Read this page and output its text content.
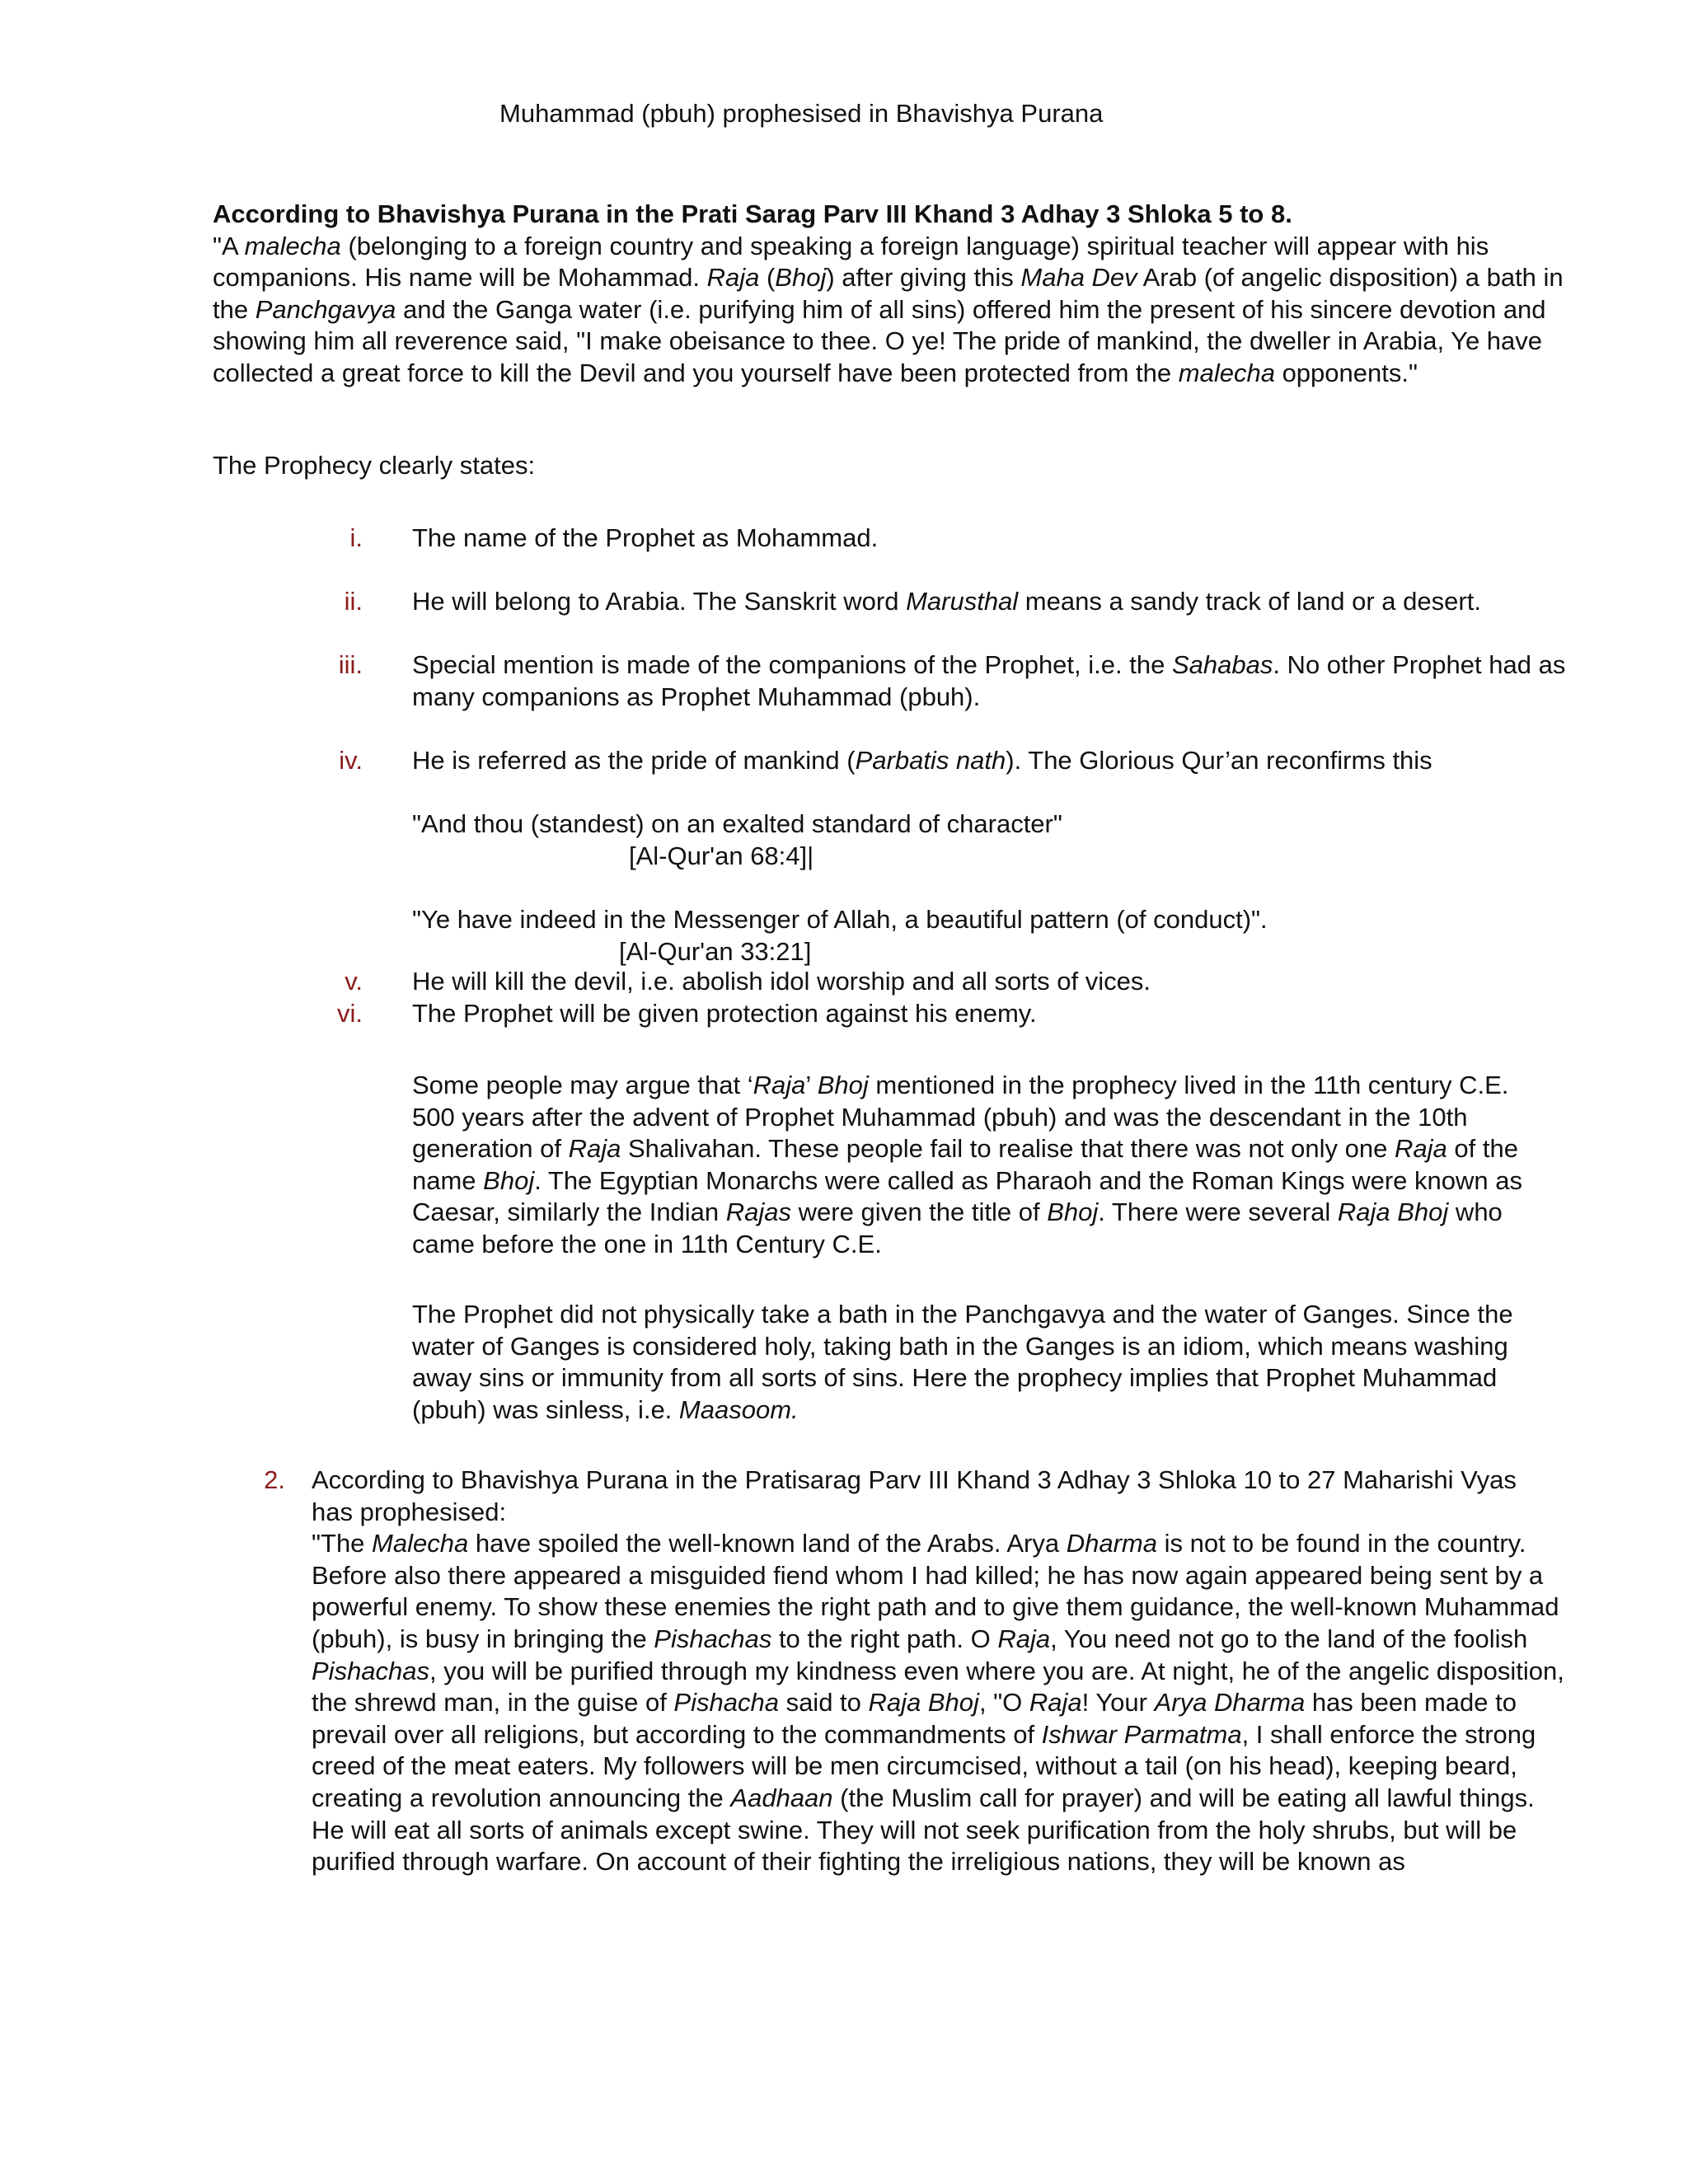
Muhammad (pbuh) prophesised in Bhavishya Purana

According to Bhavishya Purana in the Prati Sarag Parv III Khand 3 Adhay 3 Shloka 5 to 8.

"A malecha (belonging to a foreign country and speaking a foreign language) spiritual teacher will appear with his companions. His name will be Mohammad. Raja (Bhoj) after giving this Maha Dev Arab (of angelic disposition) a bath in the Panchgavya and the Ganga water (i.e. purifying him of all sins) offered him the present of his sincere devotion and showing him all reverence said, "I make obeisance to thee. O ye! The pride of mankind, the dweller in Arabia, Ye have collected a great force to kill the Devil and you yourself have been protected from the malecha opponents."

The Prophecy clearly states:
i. The name of the Prophet as Mohammad.
ii. He will belong to Arabia. The Sanskrit word Marusthal means a sandy track of land or a desert.
iii. Special mention is made of the companions of the Prophet, i.e. the Sahabas. No other Prophet had as many companions as Prophet Muhammad (pbuh).
iv. He is referred as the pride of mankind (Parbatis nath). The Glorious Qur’an reconfirms this
"And thou (standest) on an exalted standard of character"
[Al-Qur'an 68:4]|
"Ye have indeed in the Messenger of Allah, a beautiful pattern (of conduct)".
[Al-Qur'an 33:21]
v. He will kill the devil, i.e. abolish idol worship and all sorts of vices.
vi. The Prophet will be given protection against his enemy.
Some people may argue that ‘Raja’ Bhoj mentioned in the prophecy lived in the 11th century C.E. 500 years after the advent of Prophet Muhammad (pbuh) and was the descendant in the 10th generation of Raja Shalivahan. These people fail to realise that there was not only one Raja of the name Bhoj. The Egyptian Monarchs were called as Pharaoh and the Roman Kings were known as Caesar, similarly the Indian Rajas were given the title of Bhoj. There were several Raja Bhoj who came before the one in 11th Century C.E.
The Prophet did not physically take a bath in the Panchgavya and the water of Ganges. Since the water of Ganges is considered holy, taking bath in the Ganges is an idiom, which means washing away sins or immunity from all sorts of sins. Here the prophecy implies that Prophet Muhammad (pbuh) was sinless, i.e. Maasoom.
2. According to Bhavishya Purana in the Pratisarag Parv III Khand 3 Adhay 3 Shloka 10 to 27 Maharishi Vyas has prophesised:

"The Malecha have spoiled the well-known land of the Arabs. Arya Dharma is not to be found in the country. Before also there appeared a misguided fiend whom I had killed; he has now again appeared being sent by a powerful enemy. To show these enemies the right path and to give them guidance, the well-known Muhammad (pbuh), is busy in bringing the Pishachas to the right path. O Raja, You need not go to the land of the foolish Pishachas, you will be purified through my kindness even where you are. At night, he of the angelic disposition, the shrewd man, in the guise of Pishacha said to Raja Bhoj, "O Raja! Your Arya Dharma has been made to prevail over all religions, but according to the commandments of Ishwar Parmatma, I shall enforce the strong creed of the meat eaters. My followers will be men circumcised, without a tail (on his head), keeping beard, creating a revolution announcing the Aadhaan (the Muslim call for prayer) and will be eating all lawful things. He will eat all sorts of animals except swine. They will not seek purification from the holy shrubs, but will be purified through warfare. On account of their fighting the irreligious nations, they will be known as
